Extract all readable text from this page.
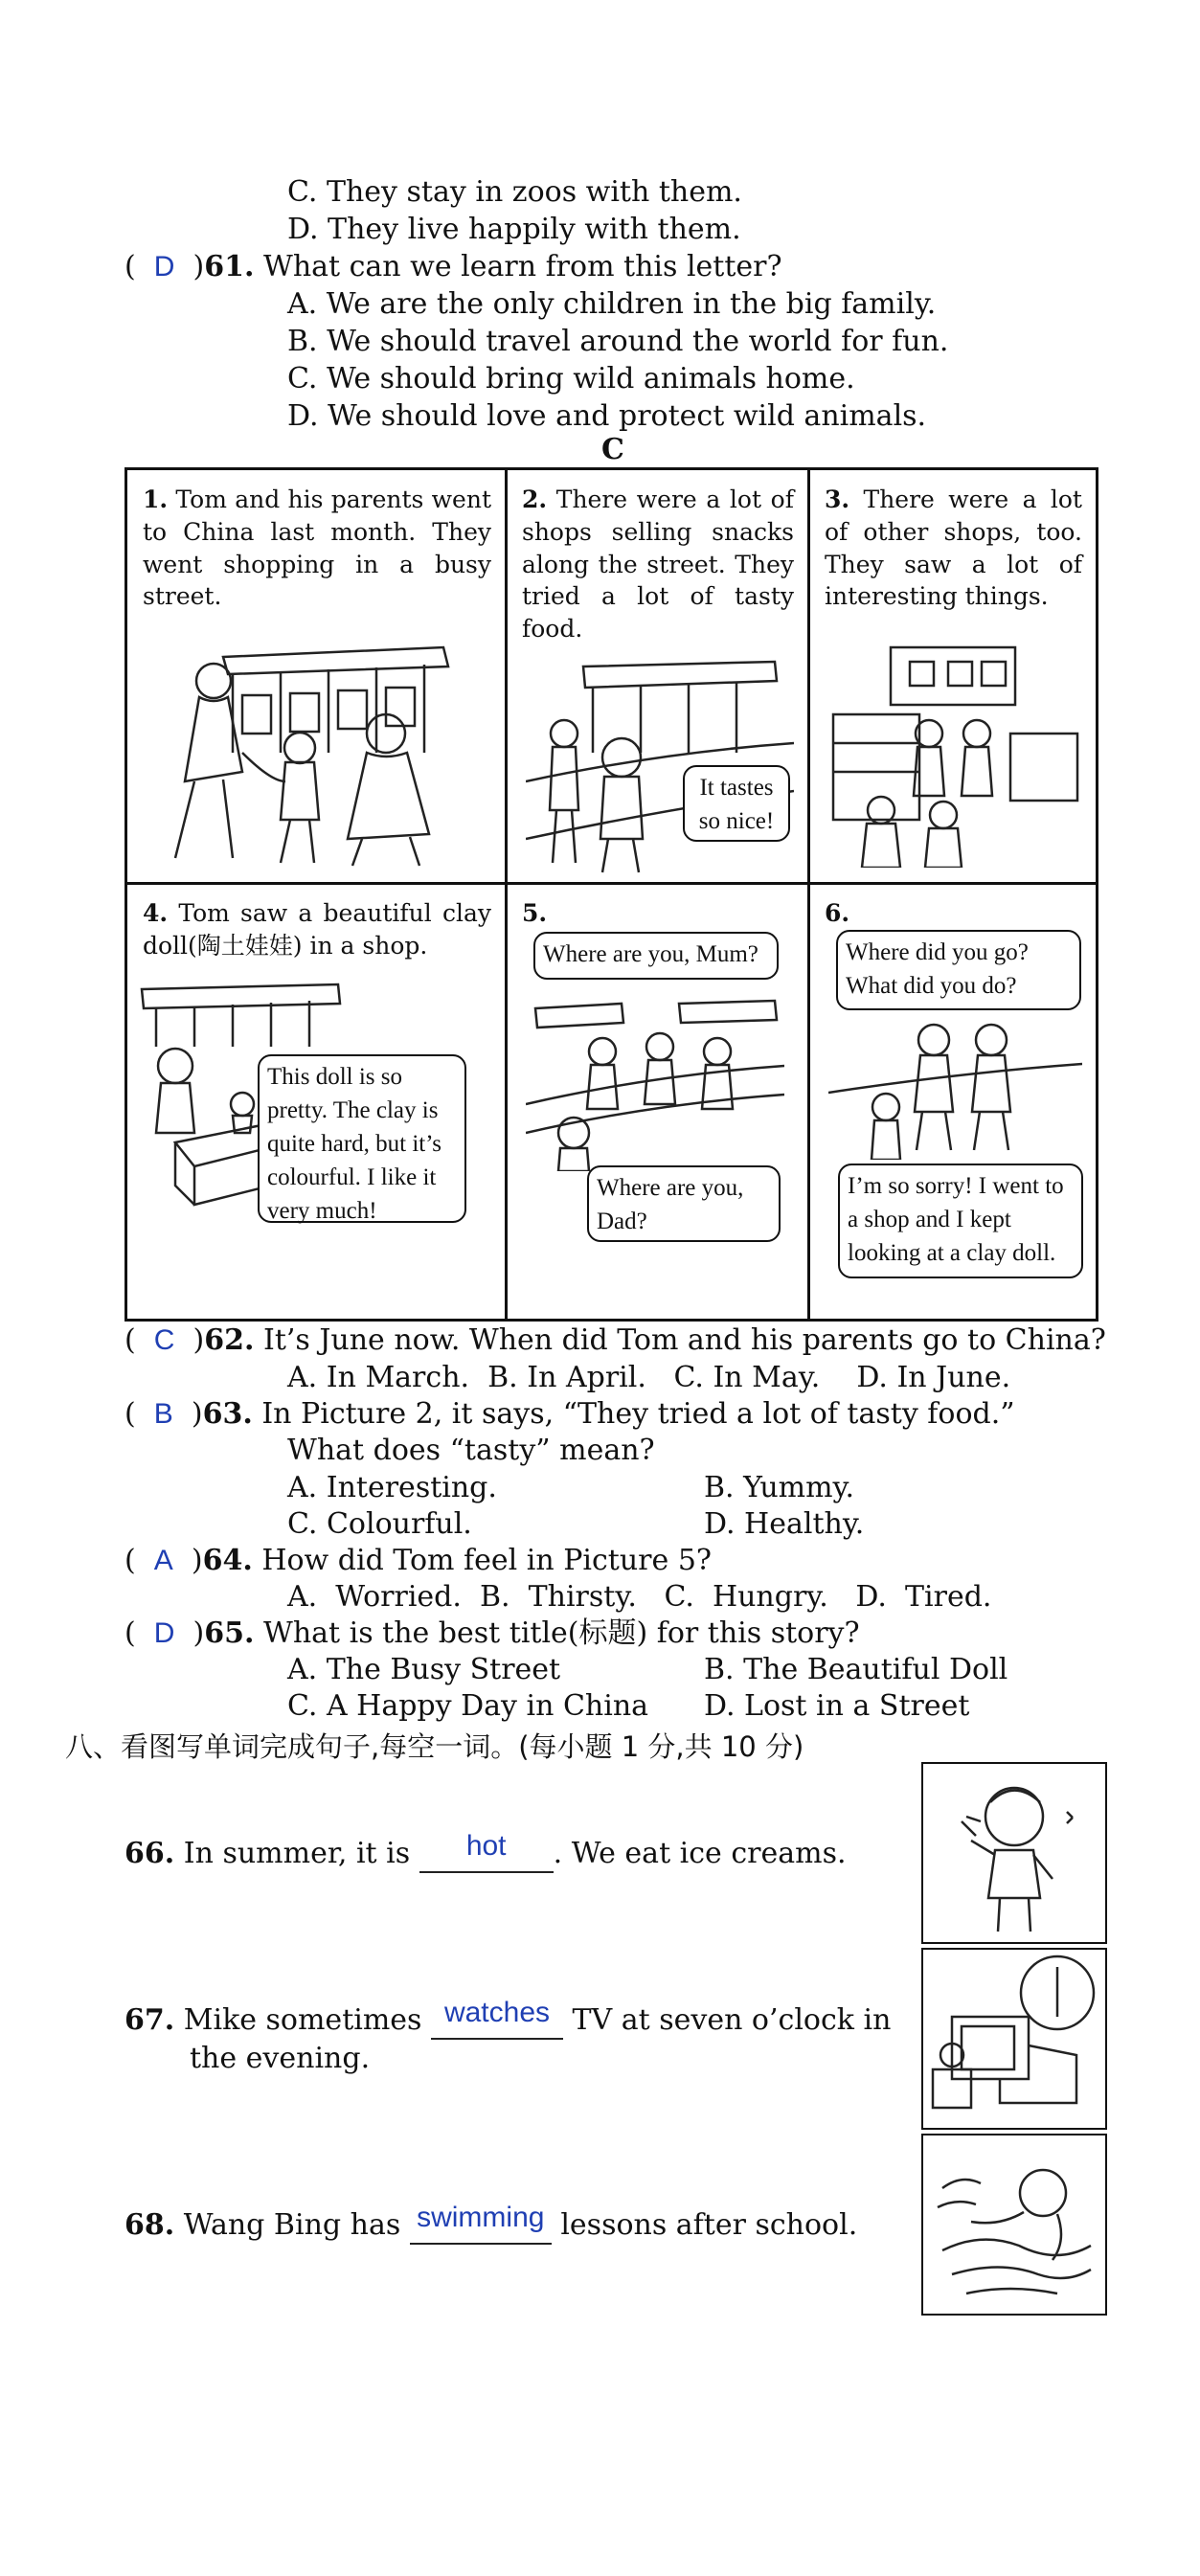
C. They stay in zoos with them.
D. They live happily with them.
(  D  )61. What can we learn from this letter?
A. We are the only children in the big family.
B. We should travel around the world for fun.
C. We should bring wild animals home.
D. We should love and protect wild animals.
C
1. Tom and his parents went to China last month. They went shopping in a busy street.
2. There were a lot of shops selling snacks along the street. They tried a lot of tasty food.
It tastes so nice!
3. There were a lot of other shops, too. They saw a lot of interesting things.
4. Tom saw a beautiful clay doll(陶土娃娃) in a shop.
This doll is so pretty. The clay is quite hard, but it’s colourful. I like it very much!
5.
Where are you, Mum?
Where are you, Dad?
6.
Where did you go? What did you do?
I’m so sorry! I went to a shop and I kept looking at a clay doll.
(  C  )62. It’s June now. When did Tom and his parents go to China?
A. In March.  B. In April.   C. In May.    D. In June.
(  B  )63. In Picture 2, it says, “They tried a lot of tasty food.”
What does “tasty” mean?
A. Interesting.	B. Yummy.
C. Colourful.	D. Healthy.
(  A  )64. How did Tom feel in Picture 5?
A.  Worried.  B.  Thirsty.   C.  Hungry.   D.  Tired.
(  D  )65. What is the best title(标题) for this story?
A. The Busy Street	B. The Beautiful Doll
C. A Happy Day in China D. Lost in a Street
八、看图写单词完成句子,每空一词。(每小题 1 分,共 10 分)
66. In summer, it is hot . We eat ice creams.
67. Mike sometimes watches TV at seven o’clock in
the evening.
68. Wang Bing has swimming lessons after school.
